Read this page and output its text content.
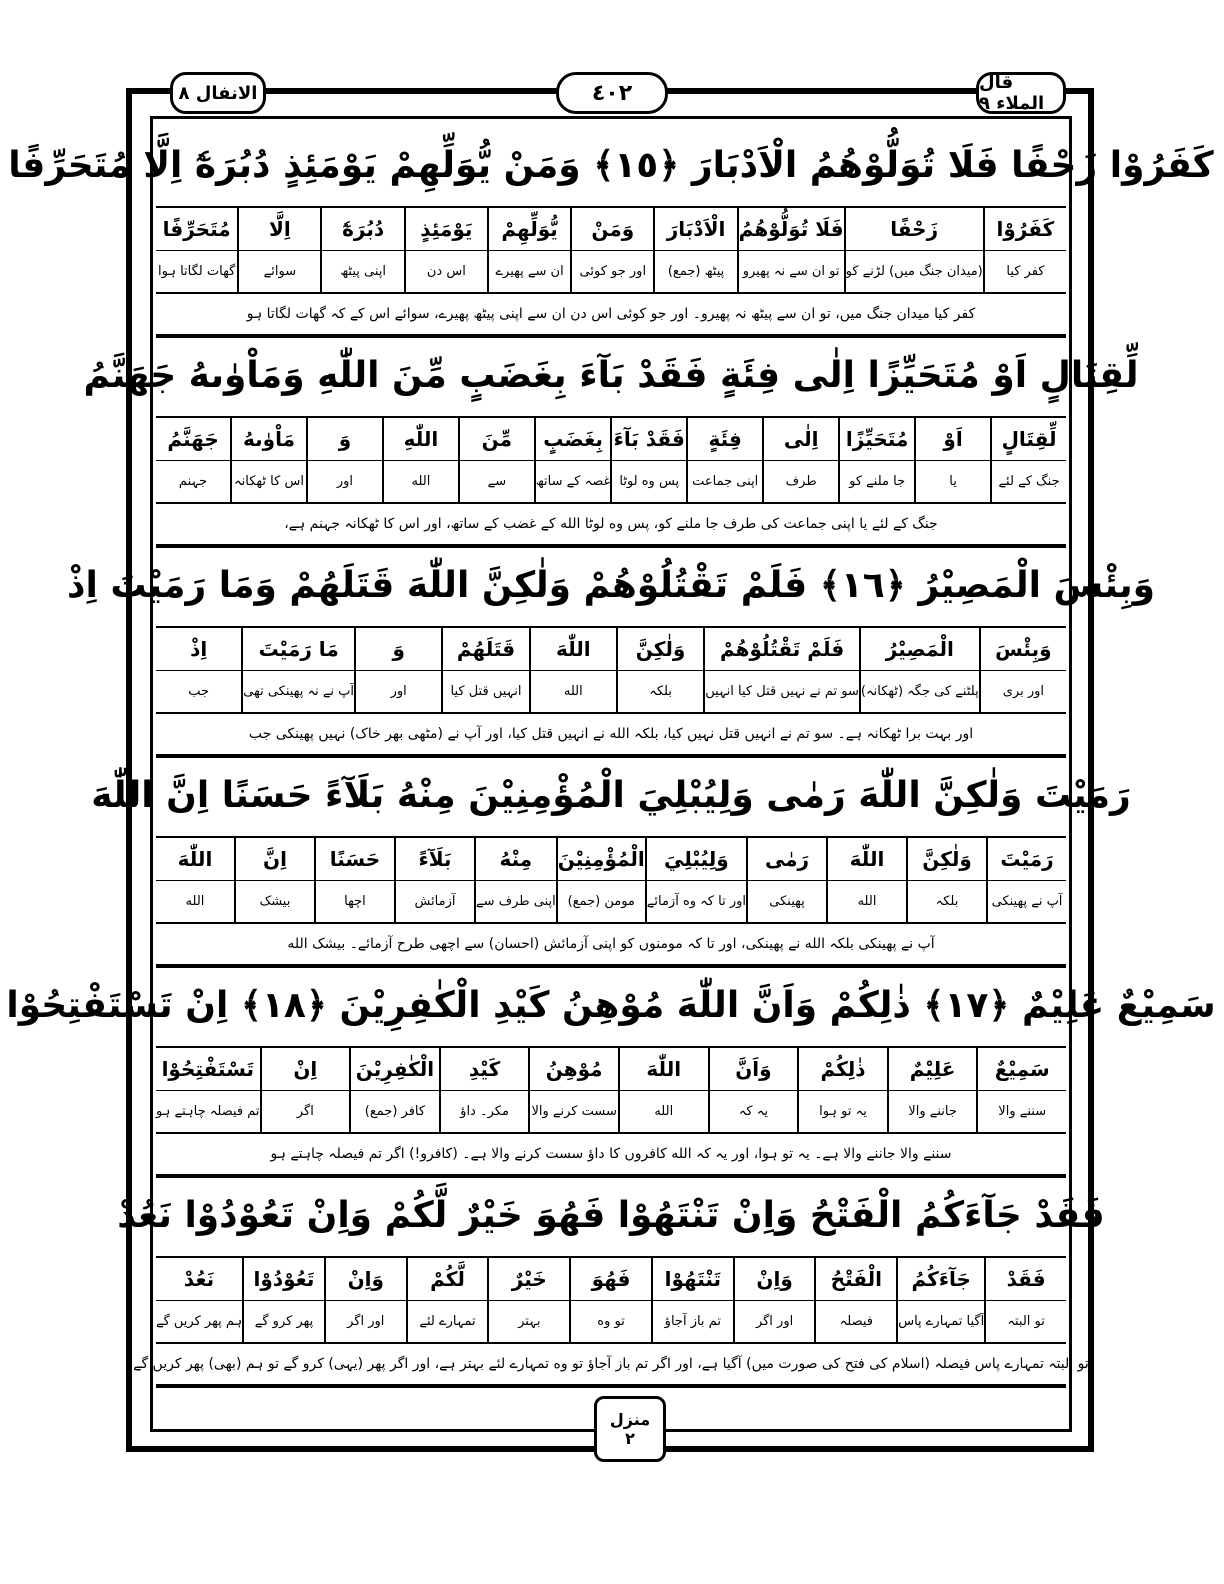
الانفال ٨	٤٠٢	قال الملاء ٩
كَفَرُوْا زَحْفًا فَلَا تُوَلُّوْهُمُ الْاَدْبَارَ ﴿١٥﴾ وَمَنْ يُّوَلِّهِمْ يَوْمَئِذٍ دُبُرَهٗٓ اِلَّا مُتَحَرِّفًا
كَفَرُوْا
كفر كيا
زَحْفًا
(ميدان جنگ ميں) لڑنے كو
فَلَا تُوَلُّوْهُمُ
تو ان سے نہ پھيرو
الْاَدْبَارَ
پيٹھ (جمع)
وَمَنْ
اور جو كوئی
يُّوَلِّهِمْ
ان سے پھيرے
يَوْمَئِذٍ
اس دن
دُبُرَهٗٓ
اپنی پيٹھ
اِلَّا
سوائے
مُتَحَرِّفًا
گھات لگاتا ہوا
كفر كيا ميدان جنگ ميں، تو ان سے پيٹھ نہ پھيرو۔ اور جو كوئی اس دن ان سے اپنی پيٹھ پھيرے، سوائے اس كے كہ گھات لگاتا ہو
لِّقِتَالٍ اَوْ مُتَحَيِّزًا اِلٰى فِئَةٍ فَقَدْ بَآءَ بِغَضَبٍ مِّنَ اللّٰهِ وَمَاْوٰىهُ جَهَنَّمُ
لِّقِتَالٍ
جنگ كے لئے
اَوْ
يا
مُتَحَيِّزًا
جا ملنے كو
اِلٰى
طرف
فِئَةٍ
اپنی جماعت
فَقَدْ بَآءَ
پس وه لوٹا
بِغَضَبٍ
غصہ كے ساتھ
مِّنَ
سے
اللّٰهِ
الله
وَ
اور
مَاْوٰىهُ
اس كا ٹھكانہ
جَهَنَّمُ
جہنم
جنگ كے لئے يا اپنی جماعت كی طرف جا ملنے كو، پس وه لوٹا الله كے غضب كے ساتھ، اور اس كا ٹھكانہ جہنم ہے،
وَبِئْسَ الْمَصِيْرُ ﴿١٦﴾ فَلَمْ تَقْتُلُوْهُمْ وَلٰكِنَّ اللّٰهَ قَتَلَهُمْ وَمَا رَمَيْتَ اِذْ
وَبِئْسَ
اور بری
الْمَصِيْرُ
پلٹنے كی جگہ (ٹھكانہ)
فَلَمْ تَقْتُلُوْهُمْ
سو تم نے نہيں قتل كيا انہيں
وَلٰكِنَّ
بلكہ
اللّٰهَ
الله
قَتَلَهُمْ
انہيں قتل كيا
وَ
اور
مَا رَمَيْتَ
آپ نے نہ پھينكی تھی
اِذْ
جب
اور بہت برا ٹھكانہ ہے۔ سو تم نے انہيں قتل نہيں كيا، بلكہ الله نے انہيں قتل كيا، اور آپ نے (مٹھی بھر خاک) نہيں پھينكی جب
رَمَيْتَ وَلٰكِنَّ اللّٰهَ رَمٰى وَلِيُبْلِيَ الْمُؤْمِنِيْنَ مِنْهُ بَلَآءً حَسَنًا اِنَّ اللّٰهَ
رَمَيْتَ
آپ نے پھينكی
وَلٰكِنَّ
بلكہ
اللّٰهَ
الله
رَمٰى
پھينكی
وَلِيُبْلِيَ
اور تا كہ وه آزمائے
الْمُؤْمِنِيْنَ
مومن (جمع)
مِنْهُ
اپنی طرف سے
بَلَآءً
آزمائش
حَسَنًا
اچھا
اِنَّ
بيشک
اللّٰهَ
الله
آپ نے پھينكی بلكہ الله نے پھينكی، اور تا كہ مومنوں كو اپنی آزمائش (احسان) سے اچھی طرح آزمائے۔ بيشک الله
سَمِيْعٌ عَلِيْمٌ ﴿١٧﴾ ذٰلِكُمْ وَاَنَّ اللّٰهَ مُوْهِنُ كَيْدِ الْكٰفِرِيْنَ ﴿١٨﴾ اِنْ تَسْتَفْتِحُوْا
سَمِيْعٌ
سننے والا
عَلِيْمٌ
جاننے والا
ذٰلِكُمْ
يہ تو ہوا
وَاَنَّ
يہ كہ
اللّٰهَ
الله
مُوْهِنُ
سست كرنے والا
كَيْدِ
مكر۔ داؤ
الْكٰفِرِيْنَ
كافر (جمع)
اِنْ
اگر
تَسْتَفْتِحُوْا
تم فيصلہ چاہتے ہو
سننے والا جاننے والا ہے۔ يہ تو ہوا، اور يہ كہ الله كافروں كا داؤ سست كرنے والا ہے۔ (كافرو!) اگر تم فيصلہ چاہتے ہو
فَقَدْ جَآءَكُمُ الْفَتْحُ وَاِنْ تَنْتَهُوْا فَهُوَ خَيْرٌ لَّكُمْ وَاِنْ تَعُوْدُوْا نَعُدْ
فَقَدْ
تو البتہ
جَآءَكُمُ
آگيا تمہارے پاس
الْفَتْحُ
فيصلہ
وَاِنْ
اور اگر
تَنْتَهُوْا
تم باز آجاؤ
فَهُوَ
تو وه
خَيْرٌ
بہتر
لَّكُمْ
تمہارے لئے
وَاِنْ
اور اگر
تَعُوْدُوْا
پھر كرو گے
نَعُدْ
ہم پھر كريں گے
تو البتہ تمہارے پاس فيصلہ (اسلام كی فتح كی صورت ميں) آگيا ہے، اور اگر تم باز آجاؤ تو وه تمہارے لئے بہتر ہے، اور اگر پھر (يہی) كرو گے تو ہم (بھی) پھر كريں گے
منزل
٢
